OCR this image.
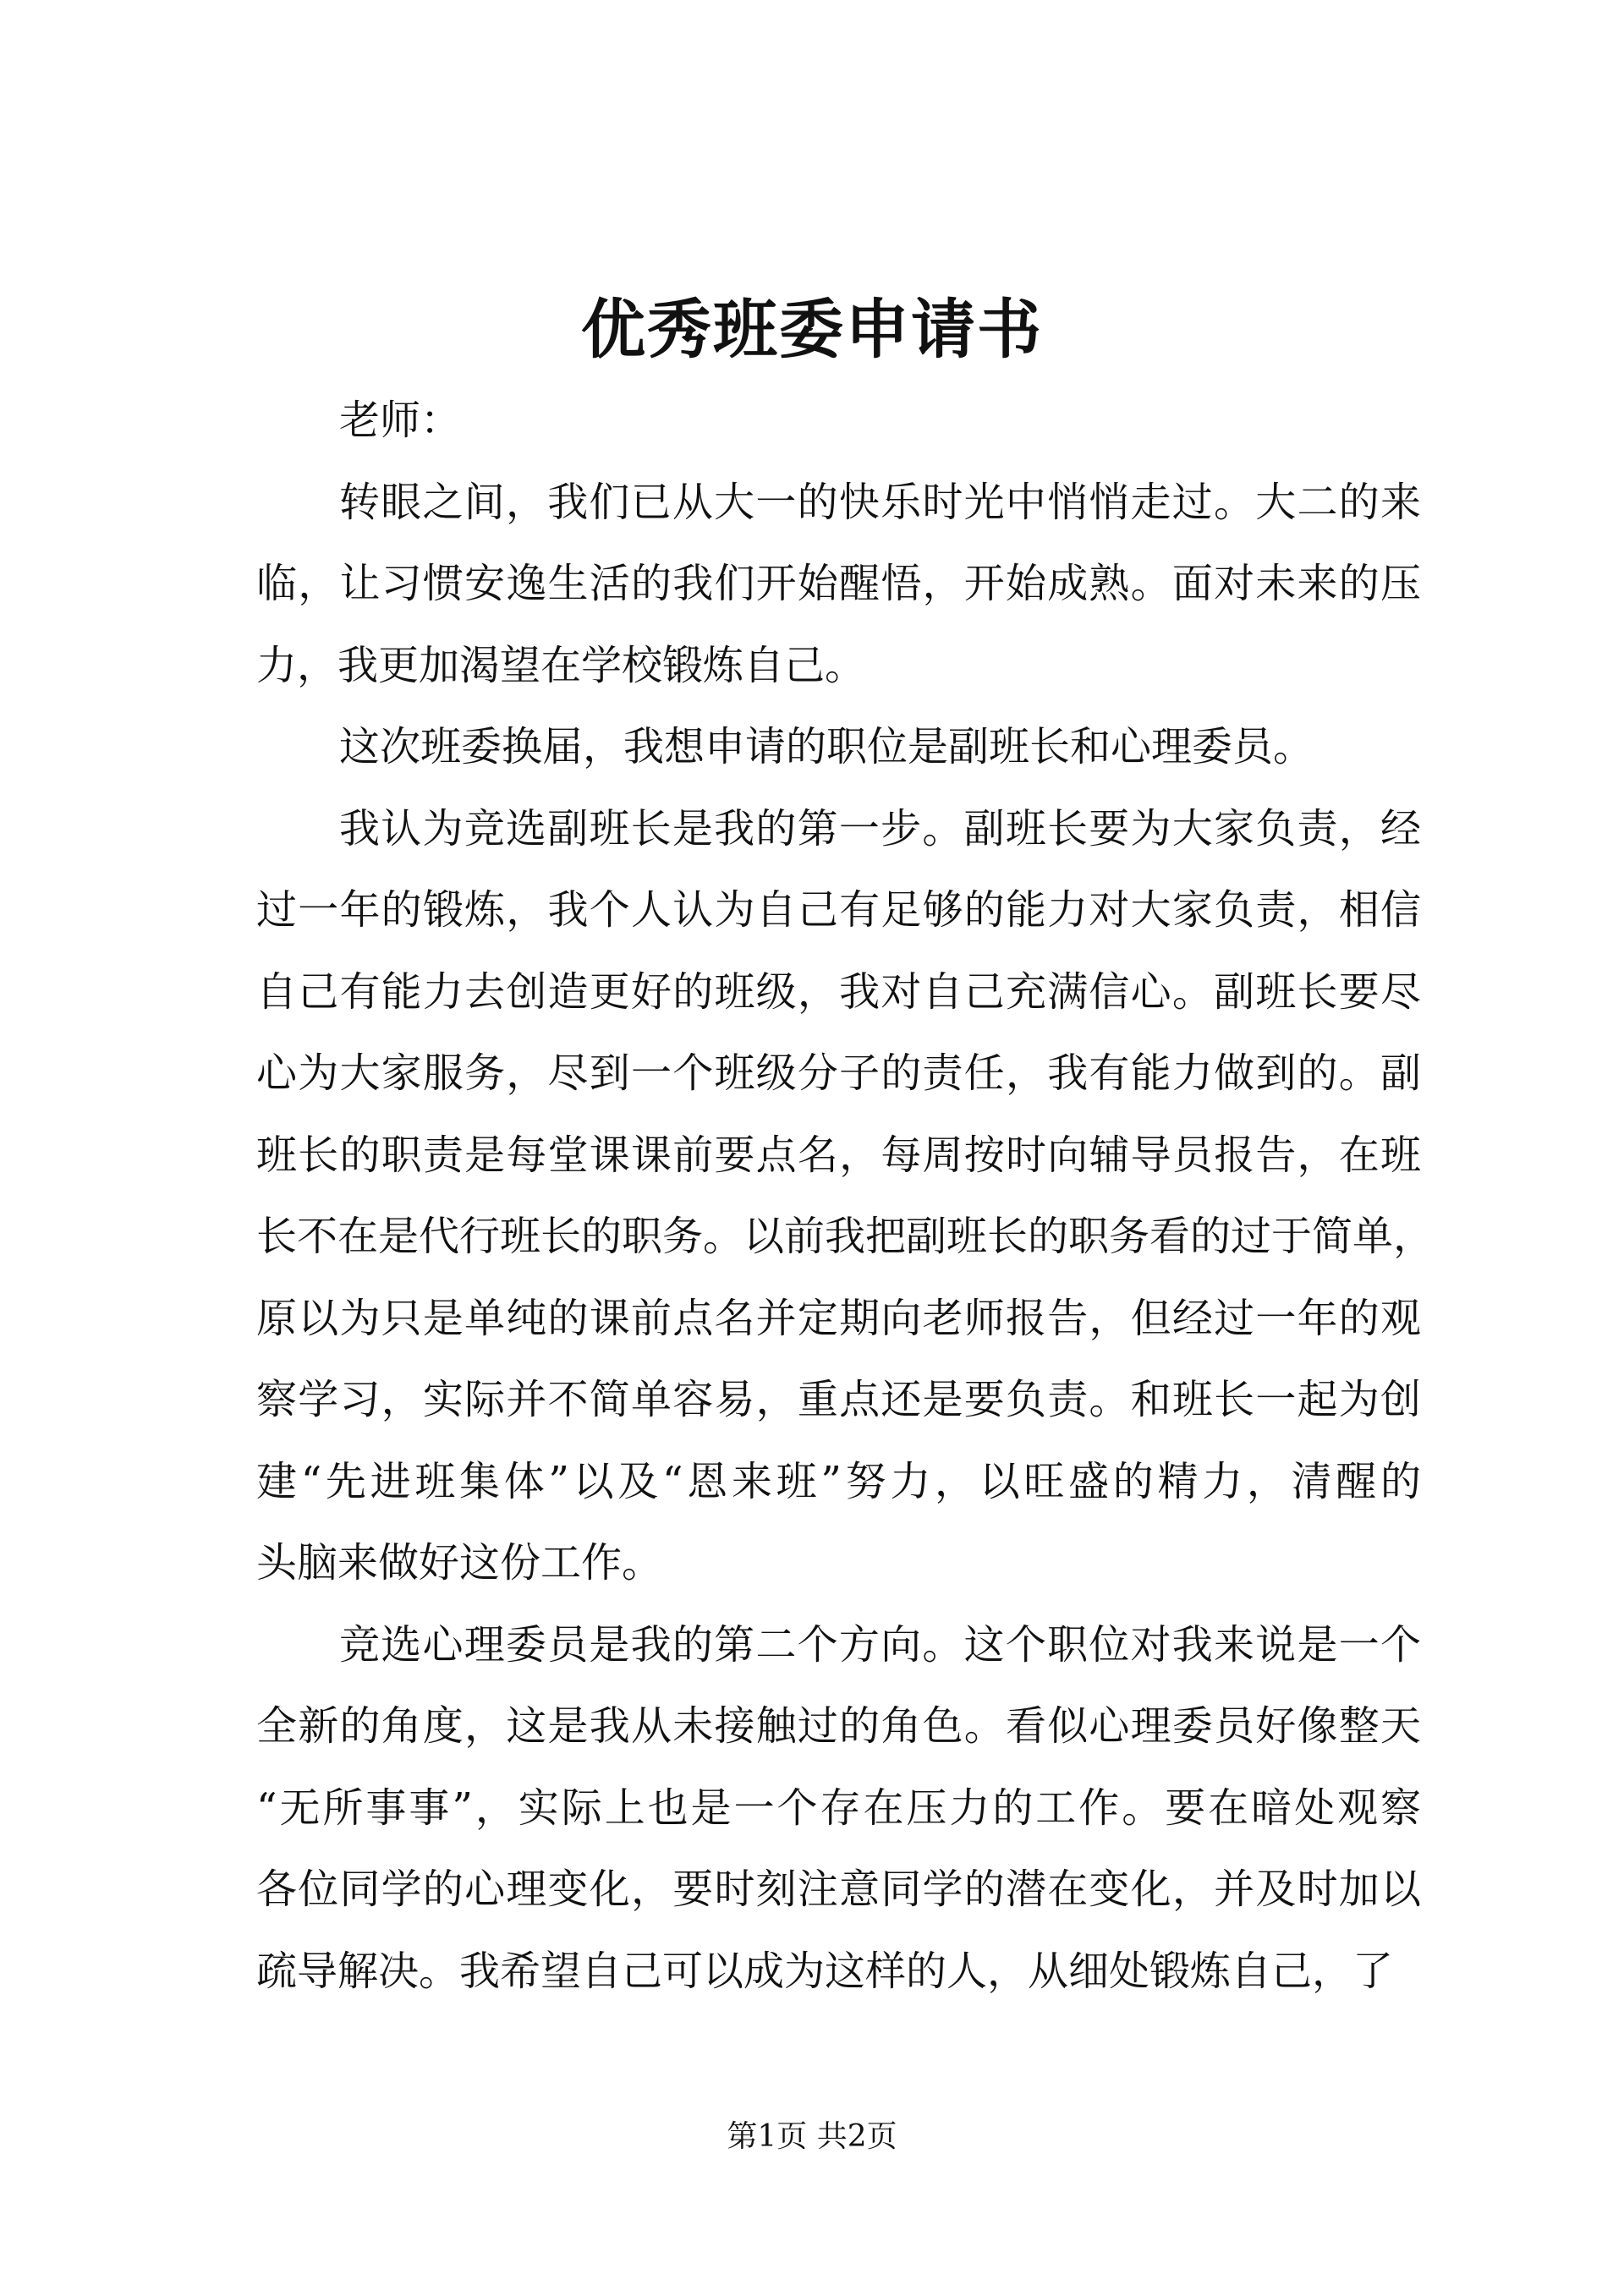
优秀班委申请书
老师：
转眼之间，我们已从大一的快乐时光中悄悄走过。大二的来
临，让习惯安逸生活的我们开始醒悟，开始成熟。面对未来的压
力，我更加渴望在学校锻炼自己。
这次班委换届，我想申请的职位是副班长和心理委员。
我认为竞选副班长是我的第一步。副班长要为大家负责，经
过一年的锻炼，我个人认为自己有足够的能力对大家负责，相信
自己有能力去创造更好的班级，我对自己充满信心。副班长要尽
心为大家服务，尽到一个班级分子的责任，我有能力做到的。副
班长的职责是每堂课课前要点名，每周按时向辅导员报告，在班
长不在是代行班长的职务。以前我把副班长的职务看的过于简单，
原以为只是单纯的课前点名并定期向老师报告，但经过一年的观
察学习，实际并不简单容易，重点还是要负责。和班长一起为创
建“先进班集体”以及“恩来班”努力，以旺盛的精力，清醒的
头脑来做好这份工作。
竞选心理委员是我的第二个方向。这个职位对我来说是一个
全新的角度，这是我从未接触过的角色。看似心理委员好像整天
“无所事事”，实际上也是一个存在压力的工作。要在暗处观察
各位同学的心理变化，要时刻注意同学的潜在变化，并及时加以
疏导解决。我希望自己可以成为这样的人，从细处锻炼自己，了
第1页 共2页
